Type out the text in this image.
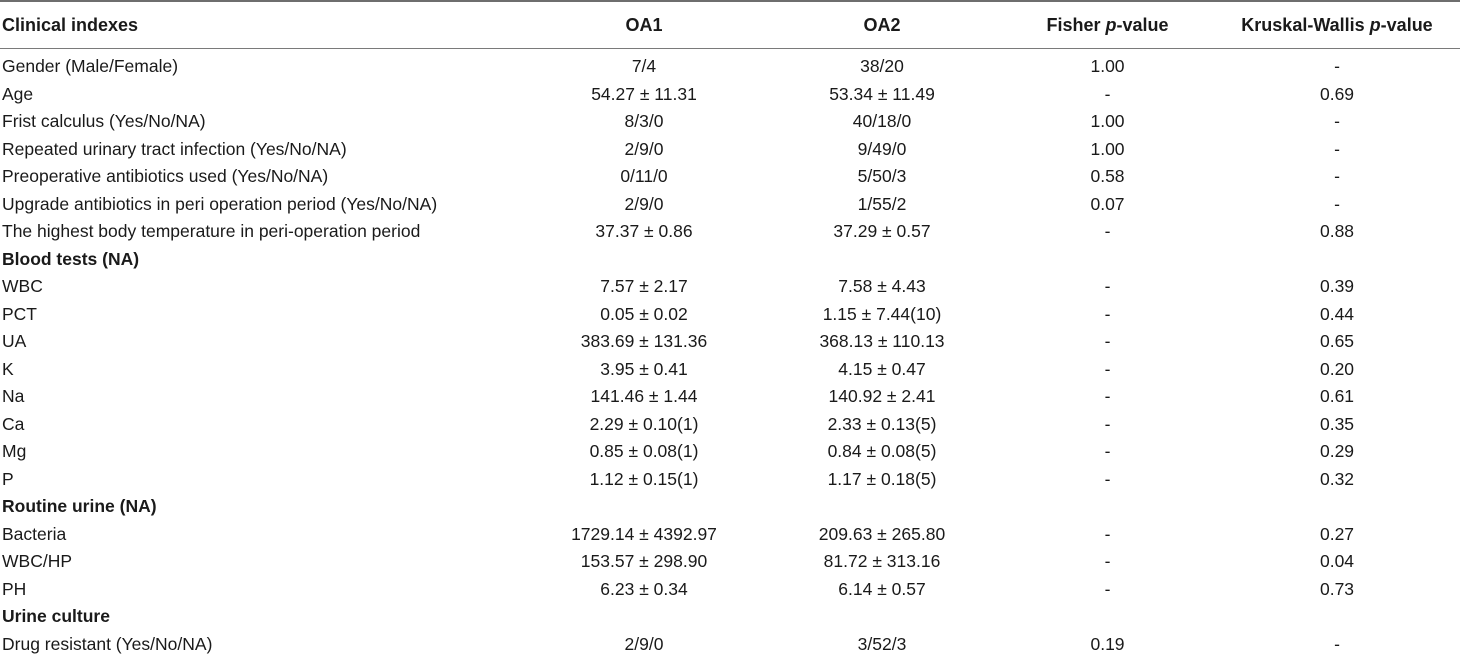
Clinical indexes	OA1	OA2	Fisher p-value	Kruskal-Wallis p-value
Gender (Male/Female)	7/4	38/20	1.00	-
Age	54.27 ± 11.31	53.34 ± 11.49	-	0.69
Frist calculus (Yes/No/NA)	8/3/0	40/18/0	1.00	-
Repeated urinary tract infection (Yes/No/NA)	2/9/0	9/49/0	1.00	-
Preoperative antibiotics used (Yes/No/NA)	0/11/0	5/50/3	0.58	-
Upgrade antibiotics in peri operation period (Yes/No/NA)	2/9/0	1/55/2	0.07	-
The highest body temperature in peri-operation period	37.37 ± 0.86	37.29 ± 0.57	-	0.88
Blood tests (NA)
WBC	7.57 ± 2.17	7.58 ± 4.43	-	0.39
PCT	0.05 ± 0.02	1.15 ± 7.44(10)	-	0.44
UA	383.69 ± 131.36	368.13 ± 110.13	-	0.65
K	3.95 ± 0.41	4.15 ± 0.47	-	0.20
Na	141.46 ± 1.44	140.92 ± 2.41	-	0.61
Ca	2.29 ± 0.10(1)	2.33 ± 0.13(5)	-	0.35
Mg	0.85 ± 0.08(1)	0.84 ± 0.08(5)	-	0.29
P	1.12 ± 0.15(1)	1.17 ± 0.18(5)	-	0.32
Routine urine (NA)
Bacteria	1729.14 ± 4392.97	209.63 ± 265.80	-	0.27
WBC/HP	153.57 ± 298.90	81.72 ± 313.16	-	0.04
PH	6.23 ± 0.34	6.14 ± 0.57	-	0.73
Urine culture
Drug resistant (Yes/No/NA)	2/9/0	3/52/3	0.19	-
